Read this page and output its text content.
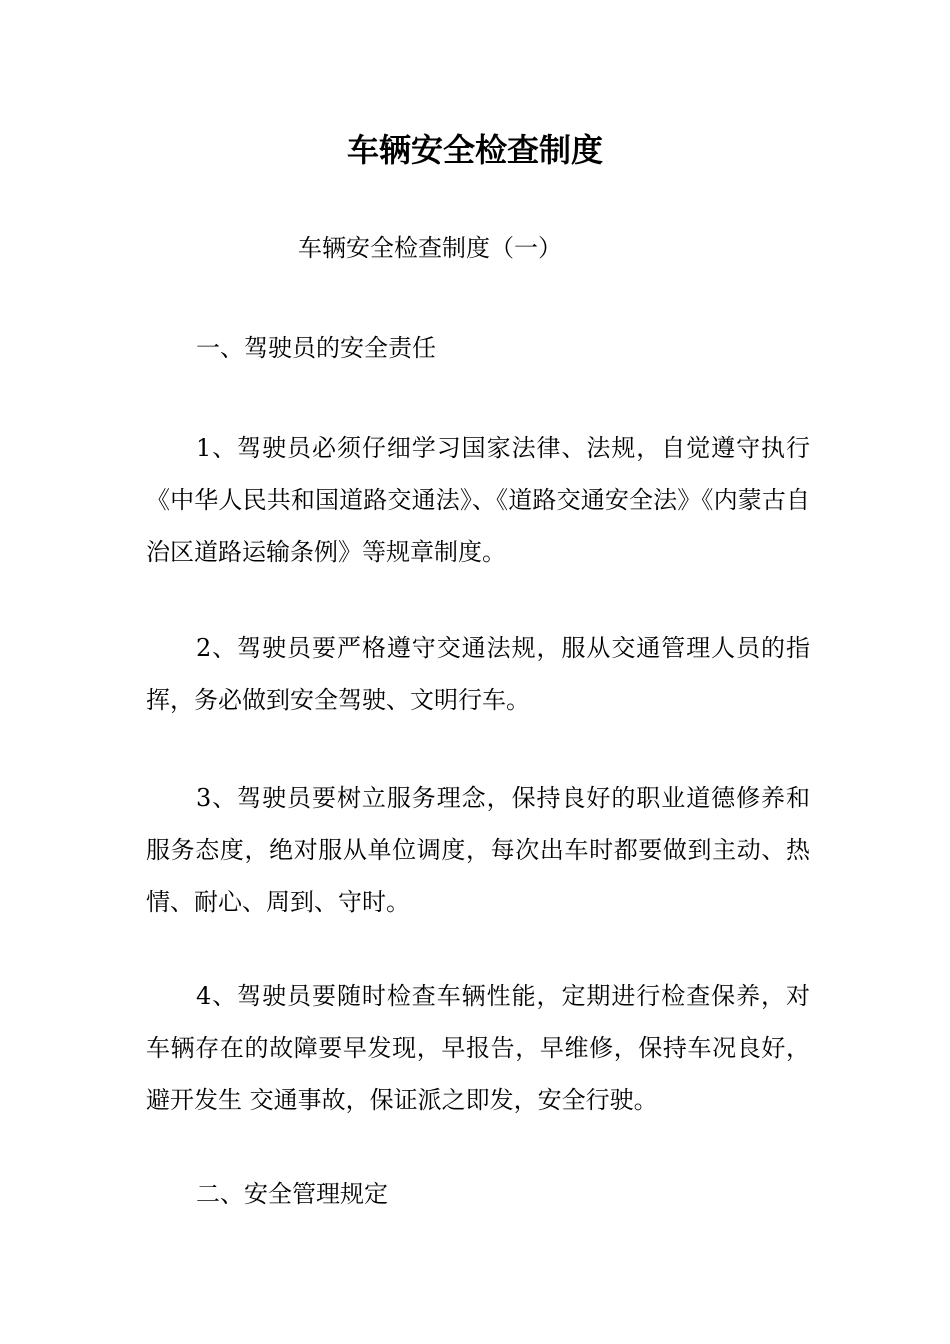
车辆安全检查制度

车辆安全检查制度（一）

一、驾驶员的安全责任

1、驾驶员必须仔细学习国家法律、法规，自觉遵守执行《中华人民共和国道路交通法》、《道路交通安全法》《内蒙古自治区道路运输条例》等规章制度。

2、驾驶员要严格遵守交通法规，服从交通管理人员的指挥，务必做到安全驾驶、文明行车。

3、驾驶员要树立服务理念，保持良好的职业道德修养和服务态度，绝对服从单位调度，每次出车时都要做到主动、热情、耐心、周到、守时。

4、驾驶员要随时检查车辆性能，定期进行检查保养，对车辆存在的故障要早发现，早报告，早维修，保持车况良好，避开发生 交通事故，保证派之即发，安全行驶。

二、安全管理规定
